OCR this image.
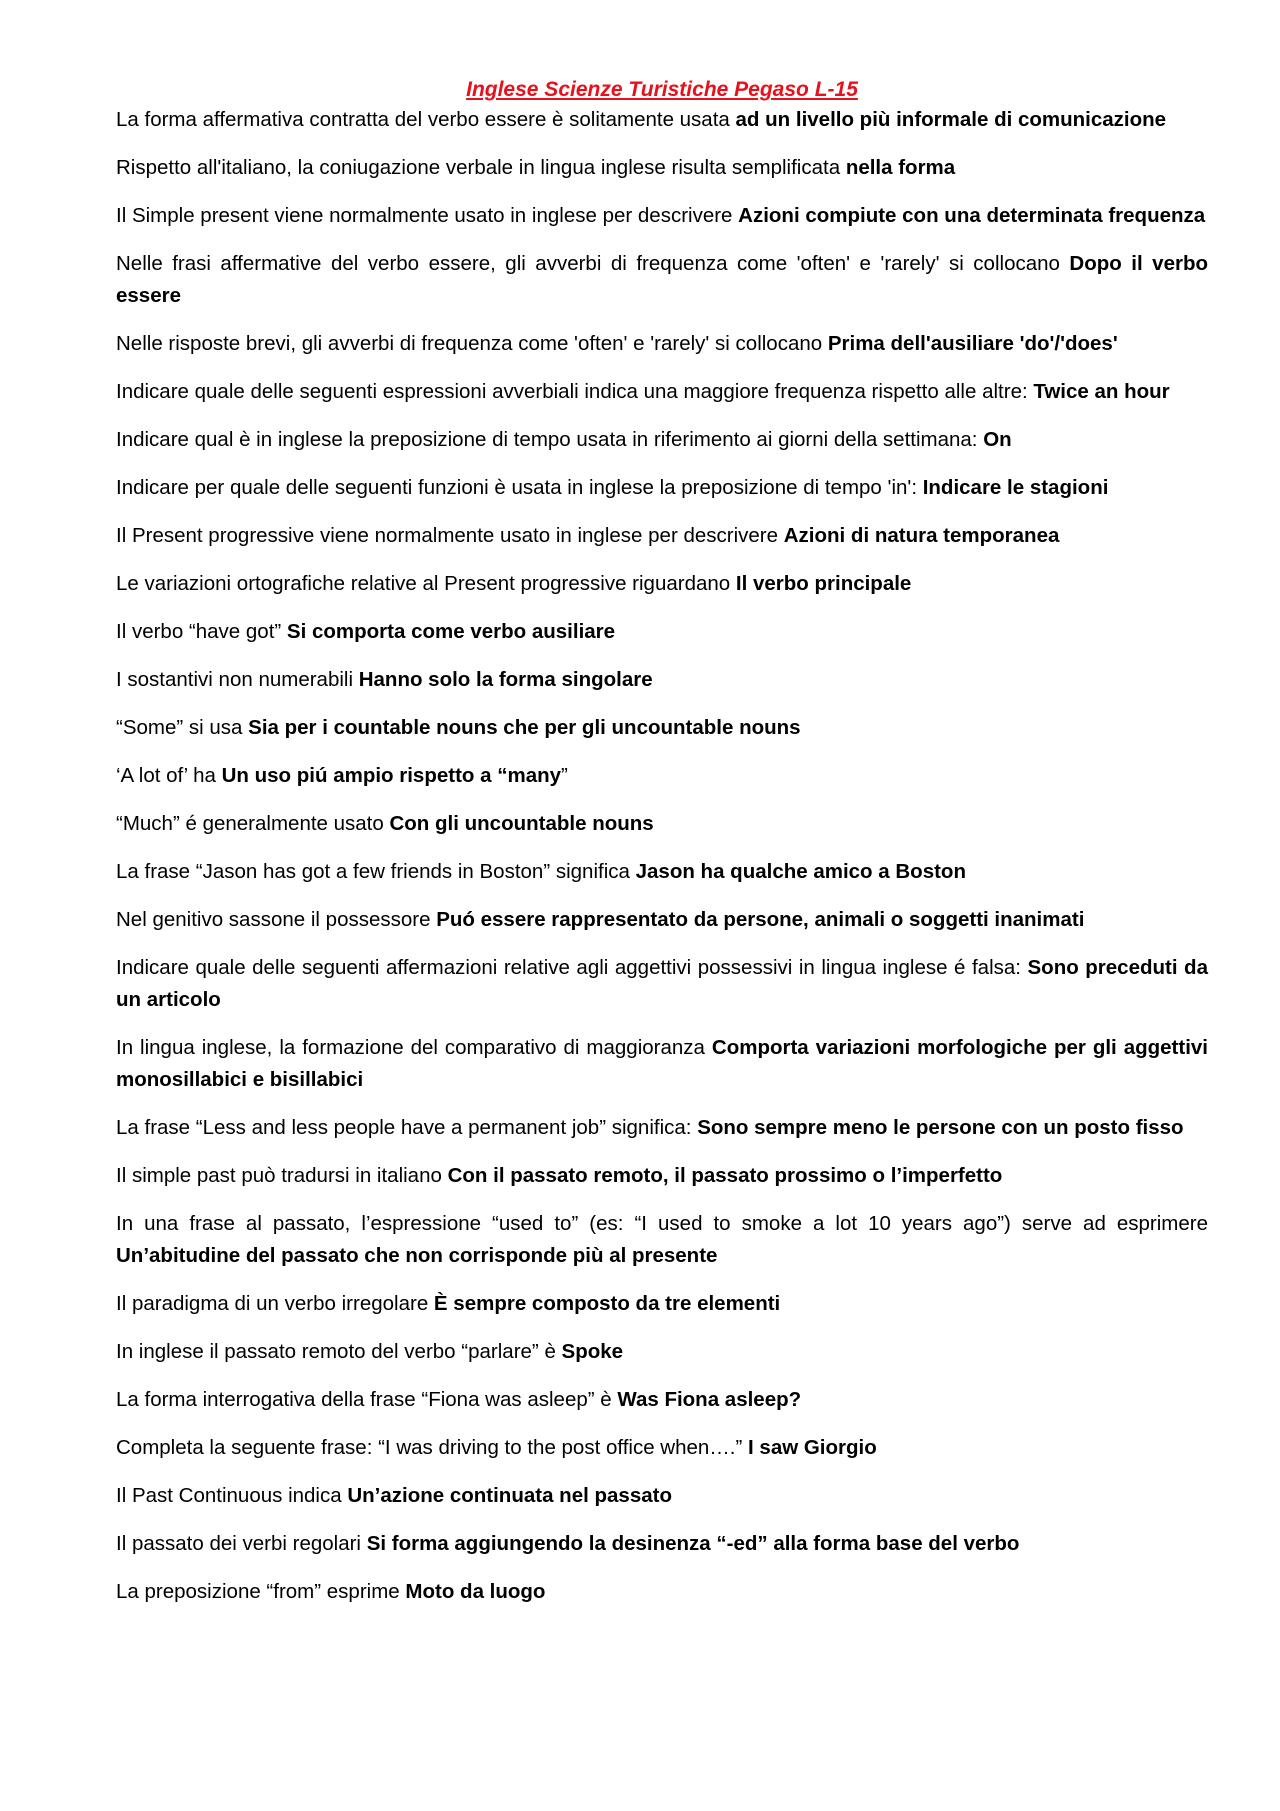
Inglese Scienze Turistiche Pegaso L-15

La forma affermativa contratta del verbo essere è solitamente usata ad un livello più informale di comunicazione

Rispetto all'italiano, la coniugazione verbale in lingua inglese risulta semplificata nella forma

Il Simple present viene normalmente usato in inglese per descrivere Azioni compiute con una determinata frequenza

Nelle frasi affermative del verbo essere, gli avverbi di frequenza come 'often' e 'rarely' si collocano Dopo il verbo essere

Nelle risposte brevi, gli avverbi di frequenza come 'often' e 'rarely' si collocano Prima dell'ausiliare 'do'/'does'

Indicare quale delle seguenti espressioni avverbiali indica una maggiore frequenza rispetto alle altre: Twice an hour

Indicare qual è in inglese la preposizione di tempo usata in riferimento ai giorni della settimana: On

Indicare per quale delle seguenti funzioni è usata in inglese la preposizione di tempo 'in': Indicare le stagioni

Il Present progressive viene normalmente usato in inglese per descrivere Azioni di natura temporanea

Le variazioni ortografiche relative al Present progressive riguardano Il verbo principale

Il verbo “have got” Si comporta come verbo ausiliare

I sostantivi non numerabili Hanno solo la forma singolare

“Some” si usa Sia per i countable nouns che per gli uncountable nouns

‘A lot of’ ha Un uso piú ampio rispetto a “many”

“Much” é generalmente usato Con gli uncountable nouns

La frase “Jason has got a few friends in Boston” significa Jason ha qualche amico a Boston

Nel genitivo sassone il possessore Puó essere rappresentato da persone, animali o soggetti inanimati

Indicare quale delle seguenti affermazioni relative agli aggettivi possessivi in lingua inglese é falsa: Sono preceduti da un articolo

In lingua inglese, la formazione del comparativo di maggioranza Comporta variazioni morfologiche per gli aggettivi monosillabici e bisillabici

La frase “Less and less people have a permanent job” significa: Sono sempre meno le persone con un posto fisso

Il simple past può tradursi in italiano Con il passato remoto, il passato prossimo o l’imperfetto

In una frase al passato, l’espressione “used to” (es: “I used to smoke a lot 10 years ago”) serve ad esprimere Un’abitudine del passato che non corrisponde più al presente

Il paradigma di un verbo irregolare È sempre composto da tre elementi

In inglese il passato remoto del verbo “parlare” è Spoke

La forma interrogativa della frase “Fiona was asleep” è Was Fiona asleep?

Completa la seguente frase: “I was driving to the post office when….” I saw Giorgio

Il Past Continuous indica Un’azione continuata nel passato

Il passato dei verbi regolari Si forma aggiungendo la desinenza “-ed” alla forma base del verbo

La preposizione “from” esprime Moto da luogo
